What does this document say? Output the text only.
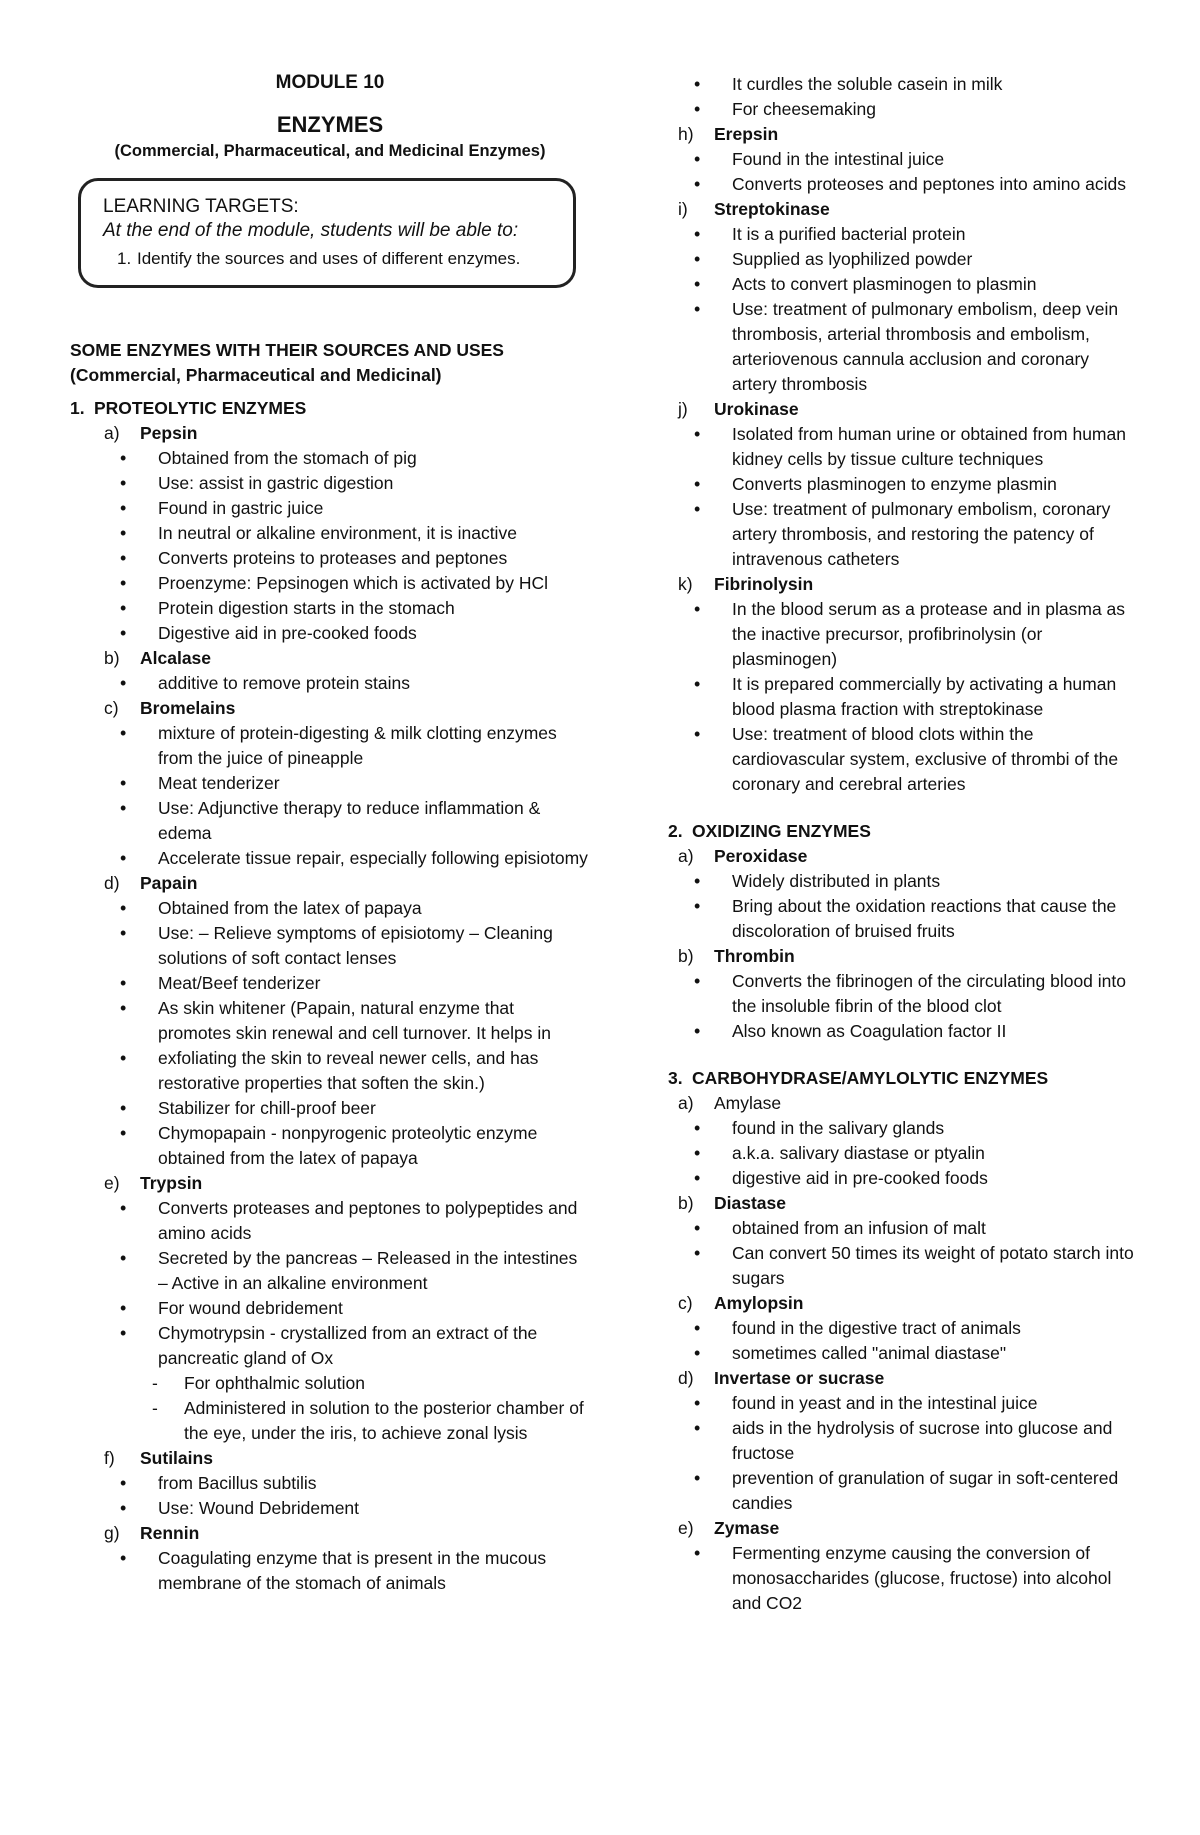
MODULE 10
ENZYMES
(Commercial, Pharmaceutical, and Medicinal Enzymes)
LEARNING TARGETS:
At the end of the module, students will be able to:
1. Identify the sources and uses of different enzymes.
SOME ENZYMES WITH THEIR SOURCES AND USES
(Commercial, Pharmaceutical and Medicinal)
1. PROTEOLYTIC ENZYMES
a) Pepsin
• Obtained from the stomach of pig
• Use: assist in gastric digestion
• Found in gastric juice
• In neutral or alkaline environment, it is inactive
• Converts proteins to proteases and peptones
• Proenzyme: Pepsinogen which is activated by HCl
• Protein digestion starts in the stomach
• Digestive aid in pre-cooked foods
b) Alcalase
• additive to remove protein stains
c) Bromelains
• mixture of protein-digesting & milk clotting enzymes from the juice of pineapple
• Meat tenderizer
• Use: Adjunctive therapy to reduce inflammation & edema
• Accelerate tissue repair, especially following episiotomy
d) Papain
• Obtained from the latex of papaya
• Use: – Relieve symptoms of episiotomy – Cleaning solutions of soft contact lenses
• Meat/Beef tenderizer
• As skin whitener (Papain, natural enzyme that promotes skin renewal and cell turnover. It helps in
• exfoliating the skin to reveal newer cells, and has restorative properties that soften the skin.)
• Stabilizer for chill-proof beer
• Chymopapain - nonpyrogenic proteolytic enzyme obtained from the latex of papaya
e) Trypsin
• Converts proteases and peptones to polypeptides and amino acids
• Secreted by the pancreas – Released in the intestines – Active in an alkaline environment
• For wound debridement
• Chymotrypsin - crystallized from an extract of the pancreatic gland of Ox
- For ophthalmic solution
- Administered in solution to the posterior chamber of the eye, under the iris, to achieve zonal lysis
f) Sutilains
• from Bacillus subtilis
• Use: Wound Debridement
g) Rennin
• Coagulating enzyme that is present in the mucous membrane of the stomach of animals
• It curdles the soluble casein in milk
• For cheesemaking
h) Erepsin
• Found in the intestinal juice
• Converts proteoses and peptones into amino acids
i) Streptokinase
• It is a purified bacterial protein
• Supplied as lyophilized powder
• Acts to convert plasminogen to plasmin
• Use: treatment of pulmonary embolism, deep vein thrombosis, arterial thrombosis and embolism, arteriovenous cannula acclusion and coronary artery thrombosis
j) Urokinase
• Isolated from human urine or obtained from human kidney cells by tissue culture techniques
• Converts plasminogen to enzyme plasmin
• Use: treatment of pulmonary embolism, coronary artery thrombosis, and restoring the patency of intravenous catheters
k) Fibrinolysin
• In the blood serum as a protease and in plasma as the inactive precursor, profibrinolysin (or plasminogen)
• It is prepared commercially by activating a human blood plasma fraction with streptokinase
• Use: treatment of blood clots within the cardiovascular system, exclusive of thrombi of the coronary and cerebral arteries
2. OXIDIZING ENZYMES
a) Peroxidase
• Widely distributed in plants
• Bring about the oxidation reactions that cause the discoloration of bruised fruits
b) Thrombin
• Converts the fibrinogen of the circulating blood into the insoluble fibrin of the blood clot
• Also known as Coagulation factor II
3. CARBOHYDRASE/AMYLOLYTIC ENZYMES
a) Amylase
• found in the salivary glands
• a.k.a. salivary diastase or ptyalin
• digestive aid in pre-cooked foods
b) Diastase
• obtained from an infusion of malt
• Can convert 50 times its weight of potato starch into sugars
c) Amylopsin
• found in the digestive tract of animals
• sometimes called "animal diastase"
d) Invertase or sucrase
• found in yeast and in the intestinal juice
• aids in the hydrolysis of sucrose into glucose and fructose
• prevention of granulation of sugar in soft-centered candies
e) Zymase
• Fermenting enzyme causing the conversion of monosaccharides (glucose, fructose) into alcohol and CO2
